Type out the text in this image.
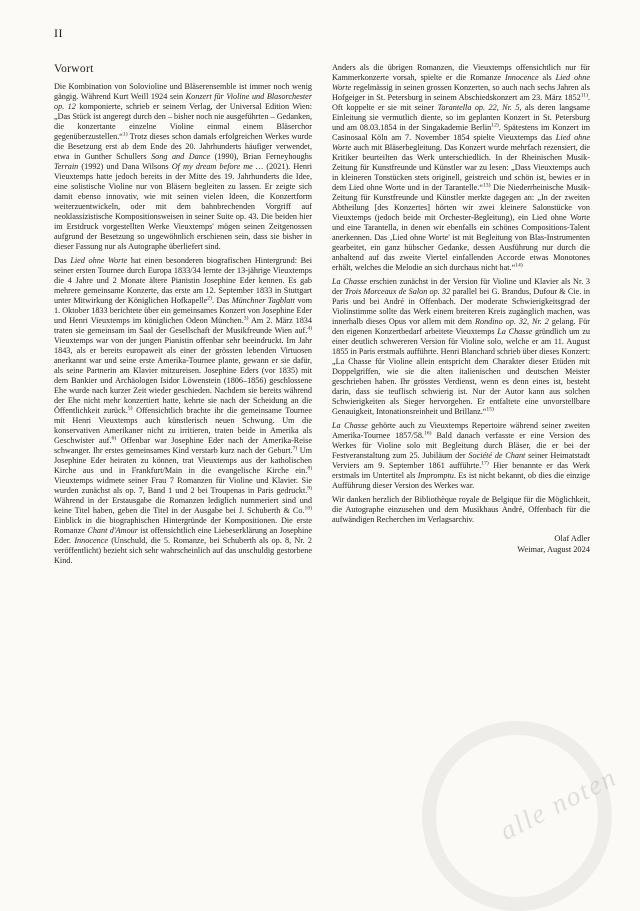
II
Vorwort

Die Kombination von Solovioline und Bläserensemble ist immer noch wenig gängig. Während Kurt Weill 1924 sein Konzert für Violine und Blasorchester op. 12 komponierte, schrieb er seinem Verlag, der Universal Edition Wien: „Das Stück ist angeregt durch den – bisher noch nie ausgeführten – Gedanken, die konzertante einzelne Violine einmal einem Bläserchor gegenüberzustellen.“$^{1)}$ Trotz dieses schon damals erfolgreichen Werkes wurde die Besetzung erst ab dem Ende des 20. Jahrhunderts häufiger verwendet, etwa in Gunther Schullers Song and Dance (1990), Brian Ferneyhoughs Terrain (1992) und Dana Wilsons Of my dream before me … (2021). Henri Vieuxtemps hatte jedoch bereits in der Mitte des 19. Jahrhunderts die Idee, eine solistische Violine nur von Bläsern begleiten zu lassen. Er zeigte sich damit ebenso innovativ, wie mit seinen vielen Ideen, die Konzertform weiterzuentwickeln, oder mit dem bahnbrechenden Vorgriff auf neoklassizistische Kompositionsweisen in seiner Suite op. 43. Die beiden hier im Erstdruck vorgestellten Werke Vieuxtemps' mögen seinen Zeitgenossen aufgrund der Besetzung so ungewöhnlich erschienen sein, dass sie bisher in dieser Fassung nur als Autographe überliefert sind.

Das Lied ohne Worte hat einen besonderen biografischen Hintergrund: Bei seiner ersten Tournee durch Europa 1833/34 lernte der 13-jährige Vieuxtemps die 4 Jahre und 2 Monate ältere Pianistin Josephine Eder kennen. Es gab mehrere gemeinsame Konzerte, das erste am 12. September 1833 in Stuttgart unter Mitwirkung der Königlichen Hofkapelle$^{2)}$. Das Münchner Tagblatt vom 1. Oktober 1833 berichtete über ein gemeinsames Konzert von Josephine Eder und Henri Vieuxtemps im königlichen Odeon München.$^{3)}$ Am 2. März 1834 traten sie gemeinsam im Saal der Gesellschaft der Musikfreunde Wien auf.$^{4)}$ Vieuxtemps war von der jungen Pianistin offenbar sehr beeindruckt. Im Jahr 1843, als er bereits europaweit als einer der grössten lebenden Virtuosen anerkannt war und seine erste Amerika-Tournee plante, gewann er sie dafür, als seine Partnerin am Klavier mitzureisen. Josephine Eders (vor 1835) mit dem Bankier und Archäologen Isidor Löwenstein (1806–1856) geschlossene Ehe wurde nach kurzer Zeit wieder geschieden. Nachdem sie bereits während der Ehe nicht mehr konzertiert hatte, kehrte sie nach der Scheidung an die Öffentlichkeit zurück.$^{5)}$ Offensichtlich brachte ihr die gemeinsame Tournee mit Henri Vieuxtemps auch künstlerisch neuen Schwung. Um die konservativen Amerikaner nicht zu irritieren, traten beide in Amerika als Geschwister auf.$^{6)}$ Offenbar war Josephine Eder nach der Amerika-Reise schwanger. Ihr erstes gemeinsames Kind verstarb kurz nach der Geburt.$^{7)}$ Um Josephine Eder heiraten zu können, trat Vieuxtemps aus der katholischen Kirche aus und in Frankfurt/Main in die evangelische Kirche ein.$^{8)}$ Vieuxtemps widmete seiner Frau 7 Romanzen für Violine und Klavier. Sie wurden zunächst als op. 7, Band 1 und 2 bei Troupenas in Paris gedruckt.$^{9)}$ Während in der Erstausgabe die Romanzen lediglich nummeriert sind und keine Titel haben, geben die Titel in der Ausgabe bei J. Schuberth & Co.$^{10)}$ Einblick in die biographischen Hintergründe der Kompositionen. Die erste Romanze Chant d'Amour ist offensichtlich eine Liebeserklärung an Josephine Eder. Innocence (Unschuld, die 5. Romanze, bei Schuberth als op. 8, Nr. 2 veröffentlicht) bezieht sich sehr wahrscheinlich auf das unschuldig gestorbene Kind.

Anders als die übrigen Romanzen, die Vieuxtemps offensichtlich nur für Kammerkonzerte vorsah, spielte er die Romanze Innocence als Lied ohne Worte regelmässig in seinen grossen Konzerten, so auch nach sechs Jahren als Hofgeiger in St. Petersburg in seinem Abschiedskonzert am 23. März 1852$^{11)}$. Oft koppelte er sie mit seiner Tarantella op. 22, Nr. 5, als deren langsame Einleitung sie vermutlich diente, so im geplanten Konzert in St. Petersburg und am 08.03.1854 in der Singakademie Berlin$^{12)}$. Spätestens im Konzert im Casinosaal Köln am 7. November 1854 spielte Vieuxtemps das Lied ohne Worte auch mit Bläserbegleitung. Das Konzert wurde mehrfach rezensiert, die Kritiker beurteilten das Werk unterschiedlich. In der Rheinischen Musik-Zeitung für Kunstfreunde und Künstler war zu lesen: „Dass Vieuxtemps auch in kleineren Tonstücken stets originell, geistreich und schön ist, bewies er in dem Lied ohne Worte und in der Tarantelle.“$^{13)}$ Die Niederrheinische Musik-Zeitung für Kunstfreunde und Künstler merkte dagegen an: „In der zweiten Abtheilung [des Konzertes] hörten wir zwei kleinere Salonstücke von Vieuxtemps (jedoch beide mit Orchester-Begleitung), ein Lied ohne Worte und eine Tarantella, in denen wir ebenfalls ein schönes Compositions-Talent anerkennen. Das ‚Lied ohne Worte' ist mit Begleitung von Blas-Instrumenten gearbeitet, ein ganz hübscher Gedanke, dessen Ausführung nur durch die anhaltend auf das zweite Viertel einfallenden Accorde etwas Monotones erhält, welches die Melodie an sich durchaus nicht hat.“$^{14)}$

La Chasse erschien zunächst in der Version für Violine und Klavier als Nr. 3 der Trois Morceaux de Salon op. 32 parallel bei G. Brandus, Dufour & Cie. in Paris und bei André in Offenbach. Der moderate Schwierigkeitsgrad der Violinstimme sollte das Werk einem breiteren Kreis zugänglich machen, was innerhalb dieses Opus vor allem mit dem Rondino op. 32, Nr. 2 gelang. Für den eigenen Konzertbedarf arbeitete Vieuxtemps La Chasse gründlich um zu einer deutlich schwereren Version für Violine solo, welche er am 11. August 1855 in Paris erstmals aufführte. Henri Blanchard schrieb über dieses Konzert: „La Chasse für Violine allein entspricht dem Charakter dieser Etüden mit Doppelgriffen, wie sie die alten italienischen und deutschen Meister geschrieben haben. Ihr grösstes Verdienst, wenn es denn eines ist, besteht darin, dass sie teuflisch schwierig ist. Nur der Autor kann aus solchen Schwierigkeiten als Sieger hervorgehen. Er entfaltete eine unvorstellbare Genauigkeit, Intonationsreinheit und Brillanz.“$^{15)}$

La Chasse gehörte auch zu Vieuxtemps Repertoire während seiner zweiten Amerika-Tournee 1857/58.$^{16)}$ Bald danach verfasste er eine Version des Werkes für Violine solo mit Begleitung durch Bläser, die er bei der Festveranstaltung zum 25. Jubiläum der Société de Chant seiner Heimatstadt Verviers am 9. September 1861 aufführte.$^{17)}$ Hier benannte er das Werk erstmals im Untertitel als Impromptu. Es ist nicht bekannt, ob dies die einzige Aufführung dieser Version des Werkes war.

Wir danken herzlich der Bibliothèque royale de Belgique für die Möglichkeit, die Autographe einzusehen und dem Musikhaus André, Offenbach für die aufwändigen Recherchen im Verlagsarchiv.

Olaf Adler
Weimar, August 2024
alle noten
